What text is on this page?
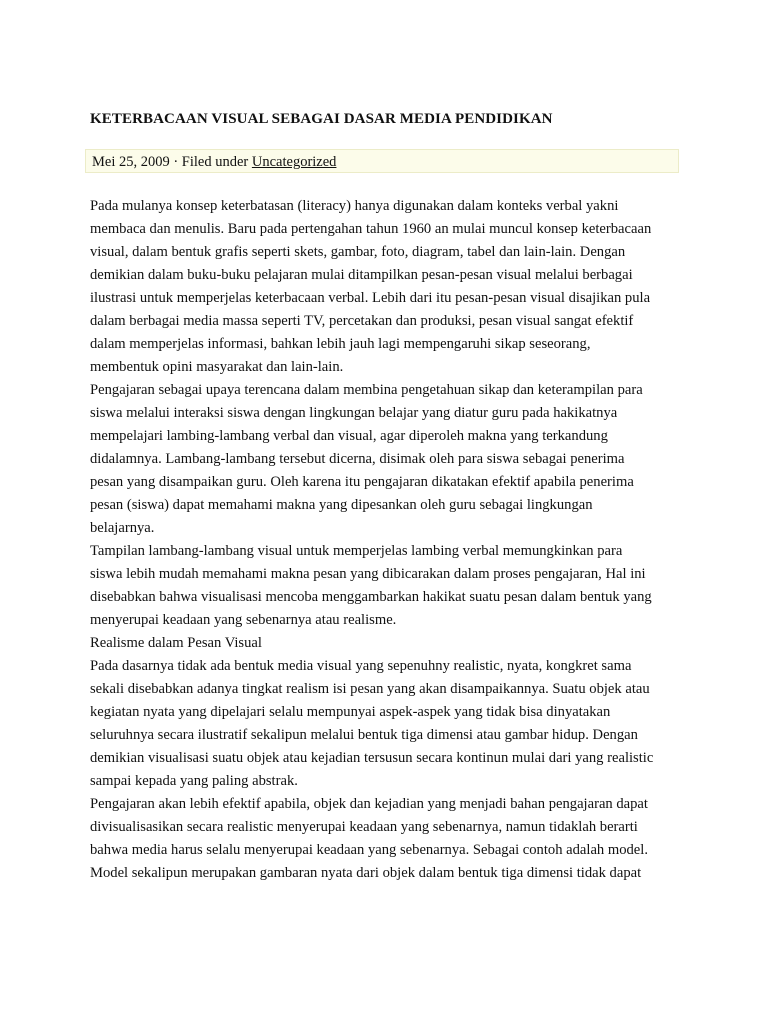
KETERBACAAN VISUAL SEBAGAI DASAR MEDIA PENDIDIKAN
Mei 25, 2009 · Filed under Uncategorized
Pada mulanya konsep keterbatasan (literacy) hanya digunakan dalam konteks verbal yakni
membaca dan menulis. Baru pada pertengahan tahun 1960 an mulai muncul konsep keterbacaan
visual, dalam bentuk grafis seperti skets, gambar, foto, diagram, tabel dan lain-lain. Dengan
demikian dalam buku-buku pelajaran mulai ditampilkan pesan-pesan visual melalui berbagai
ilustrasi untuk memperjelas keterbacaan verbal. Lebih dari itu pesan-pesan visual disajikan pula
dalam berbagai media massa seperti TV, percetakan dan produksi, pesan visual sangat efektif
dalam memperjelas informasi, bahkan lebih jauh lagi mempengaruhi sikap seseorang,
membentuk opini masyarakat dan lain-lain.
Pengajaran sebagai upaya terencana dalam membina pengetahuan sikap dan keterampilan para
siswa melalui interaksi siswa dengan lingkungan belajar yang diatur guru pada hakikatnya
mempelajari lambing-lambang verbal dan visual, agar diperoleh makna yang terkandung
didalamnya. Lambang-lambang tersebut dicerna, disimak oleh para siswa sebagai penerima
pesan yang disampaikan guru. Oleh karena itu pengajaran dikatakan efektif apabila penerima
pesan (siswa) dapat memahami makna yang dipesankan oleh guru sebagai lingkungan
belajarnya.
Tampilan lambang-lambang visual untuk memperjelas lambing verbal memungkinkan para
siswa lebih mudah memahami makna pesan yang dibicarakan dalam proses pengajaran, Hal ini
disebabkan bahwa visualisasi mencoba menggambarkan hakikat suatu pesan dalam bentuk yang
menyerupai keadaan yang sebenarnya atau realisme.
Realisme dalam Pesan Visual
Pada dasarnya tidak ada bentuk media visual yang sepenuhny realistic, nyata, kongkret sama
sekali disebabkan adanya tingkat realism isi pesan yang akan disampaikannya. Suatu objek atau
kegiatan nyata yang dipelajari selalu mempunyai aspek-aspek yang tidak bisa dinyatakan
seluruhnya secara ilustratif sekalipun melalui bentuk tiga dimensi atau gambar hidup. Dengan
demikian visualisasi suatu objek atau kejadian tersusun secara kontinun mulai dari yang realistic
sampai kepada yang paling abstrak.
Pengajaran akan lebih efektif apabila, objek dan kejadian yang menjadi bahan pengajaran dapat
divisualisasikan secara realistic menyerupai keadaan yang sebenarnya, namun tidaklah berarti
bahwa media harus selalu menyerupai keadaan yang sebenarnya. Sebagai contoh adalah model.
Model sekalipun merupakan gambaran nyata dari objek dalam bentuk tiga dimensi tidak dapat
